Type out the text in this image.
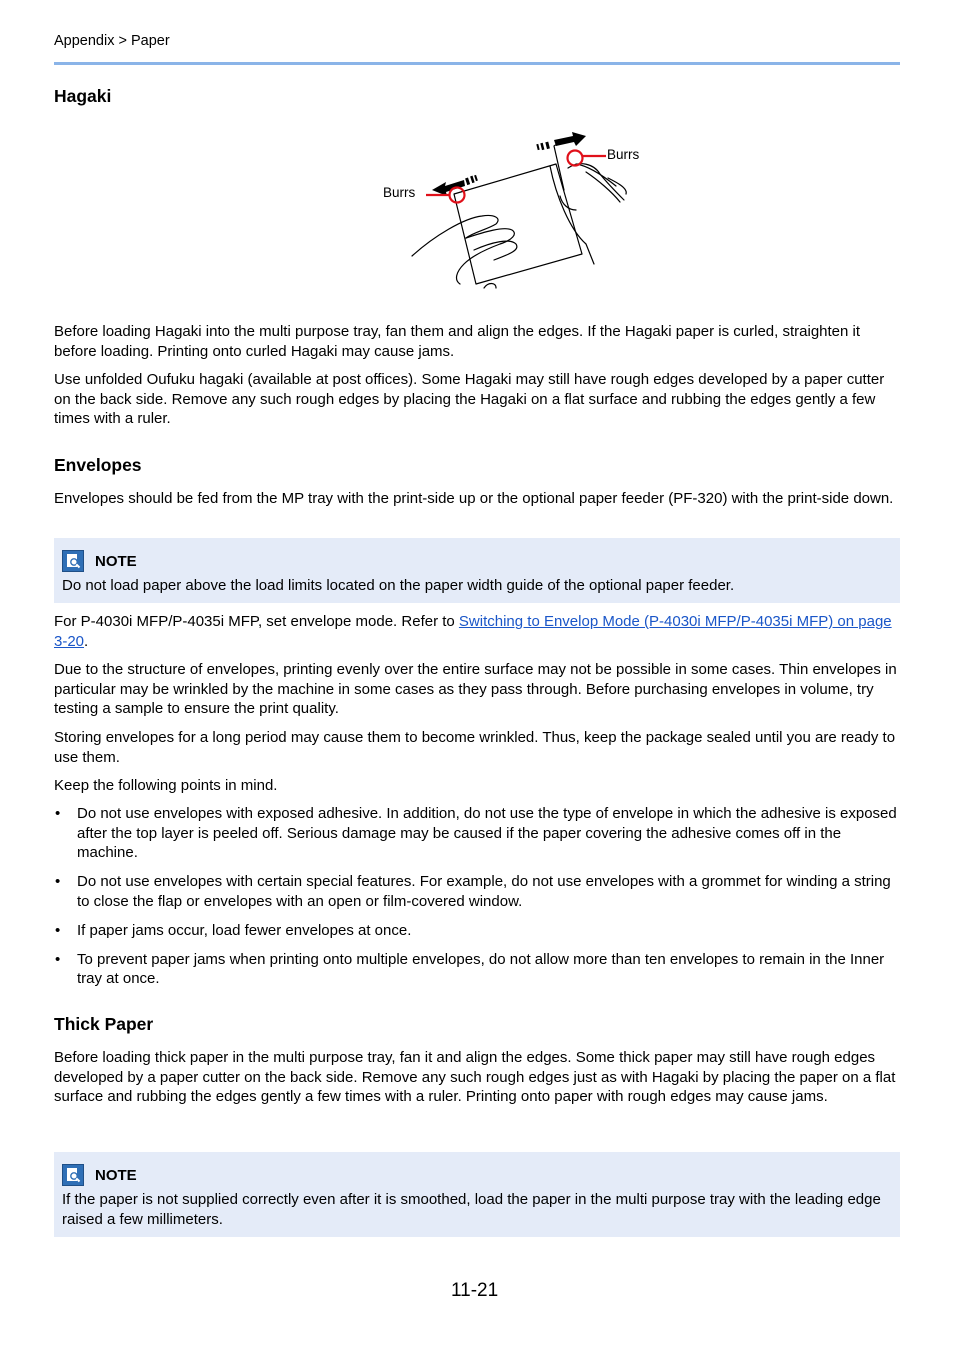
Appendix > Paper
Hagaki
Burrs
Burrs

Before loading Hagaki into the multi purpose tray, fan them and align the edges. If the Hagaki paper is curled, straighten it before loading. Printing onto curled Hagaki may cause jams.

Use unfolded Oufuku hagaki (available at post offices). Some Hagaki may still have rough edges developed by a paper cutter on the back side. Remove any such rough edges by placing the Hagaki on a flat surface and rubbing the edges gently a few times with a ruler.

Envelopes

Envelopes should be fed from the MP tray with the print-side up or the optional paper feeder (PF-320) with the print-side down.

NOTE

Do not load paper above the load limits located on the paper width guide of the optional paper feeder.

For P-4030i MFP/P-4035i MFP, set envelope mode. Refer to Switching to Envelop Mode (P-4030i MFP/P-4035i MFP) on page 3-20.

Due to the structure of envelopes, printing evenly over the entire surface may not be possible in some cases. Thin envelopes in particular may be wrinkled by the machine in some cases as they pass through. Before purchasing envelopes in volume, try testing a sample to ensure the print quality.

Storing envelopes for a long period may cause them to become wrinkled. Thus, keep the package sealed until you are ready to use them.

Keep the following points in mind.

• Do not use envelopes with exposed adhesive. In addition, do not use the type of envelope in which the adhesive is exposed after the top layer is peeled off. Serious damage may be caused if the paper covering the adhesive comes off in the machine.
• Do not use envelopes with certain special features. For example, do not use envelopes with a grommet for winding a string to close the flap or envelopes with an open or film-covered window.
• If paper jams occur, load fewer envelopes at once.
• To prevent paper jams when printing onto multiple envelopes, do not allow more than ten envelopes to remain in the Inner tray at once.
Thick Paper

Before loading thick paper in the multi purpose tray, fan it and align the edges. Some thick paper may still have rough edges developed by a paper cutter on the back side. Remove any such rough edges just as with Hagaki by placing the paper on a flat surface and rubbing the edges gently a few times with a ruler. Printing onto paper with rough edges may cause jams.

NOTE

If the paper is not supplied correctly even after it is smoothed, load the paper in the multi purpose tray with the leading edge raised a few millimeters.

11-21
